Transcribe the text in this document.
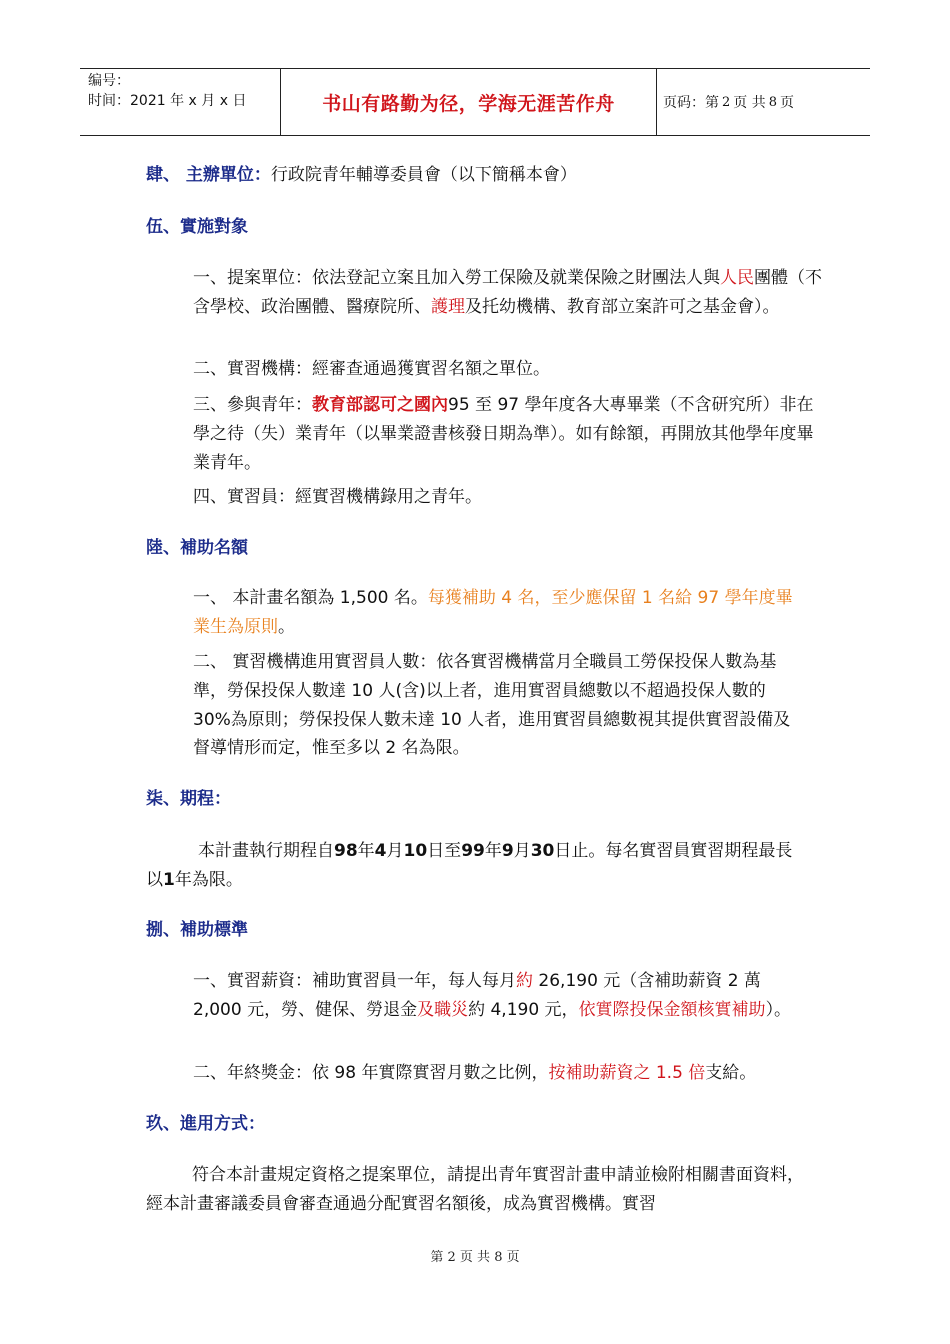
编号：
时间：2021 年 x 月 x 日	书山有路勤为径，学海无涯苦作舟	页码：第 2 页 共 8 页
肆、 主辦單位：行政院青年輔導委員會（以下簡稱本會）
伍、實施對象
一、提案單位：依法登記立案且加入勞工保險及就業保險之財團法人與人民團體（不含學校、政治團體、醫療院所、護理及托幼機構、教育部立案許可之基金會）。
二、實習機構：經審查通過獲實習名額之單位。
三、參與青年：教育部認可之國內95 至 97 學年度各大專畢業（不含研究所）非在學之待（失）業青年（以畢業證書核發日期為準）。如有餘額，再開放其他學年度畢業青年。
四、實習員：經實習機構錄用之青年。
陸、補助名額
一、 本計畫名額為 1,500 名。每獲補助 4 名，至少應保留 1 名給 97 學年度畢業生為原則。
二、 實習機構進用實習員人數：依各實習機構當月全職員工勞保投保人數為基準，勞保投保人數達 10 人(含)以上者，進用實習員總數以不超過投保人數的 30%為原則；勞保投保人數未達 10 人者，進用實習員總數視其提供實習設備及督導情形而定，惟至多以 2 名為限。
柒、期程：
本計畫執行期程自98年4月10日至99年9月30日止。每名實習員實習期程最長以1年為限。
捌、補助標準
一、實習薪資：補助實習員一年，每人每月約 26,190 元（含補助薪資 2 萬 2,000 元，勞、健保、勞退金及職災約 4,190 元，依實際投保金額核實補助）。
二、年終獎金：依 98 年實際實習月數之比例，按補助薪資之 1.5 倍支給。
玖、進用方式：
符合本計畫規定資格之提案單位，請提出青年實習計畫申請並檢附相關書面資料，經本計畫審議委員會審查通過分配實習名額後，成為實習機構。實習
第 2 页 共 8 页
